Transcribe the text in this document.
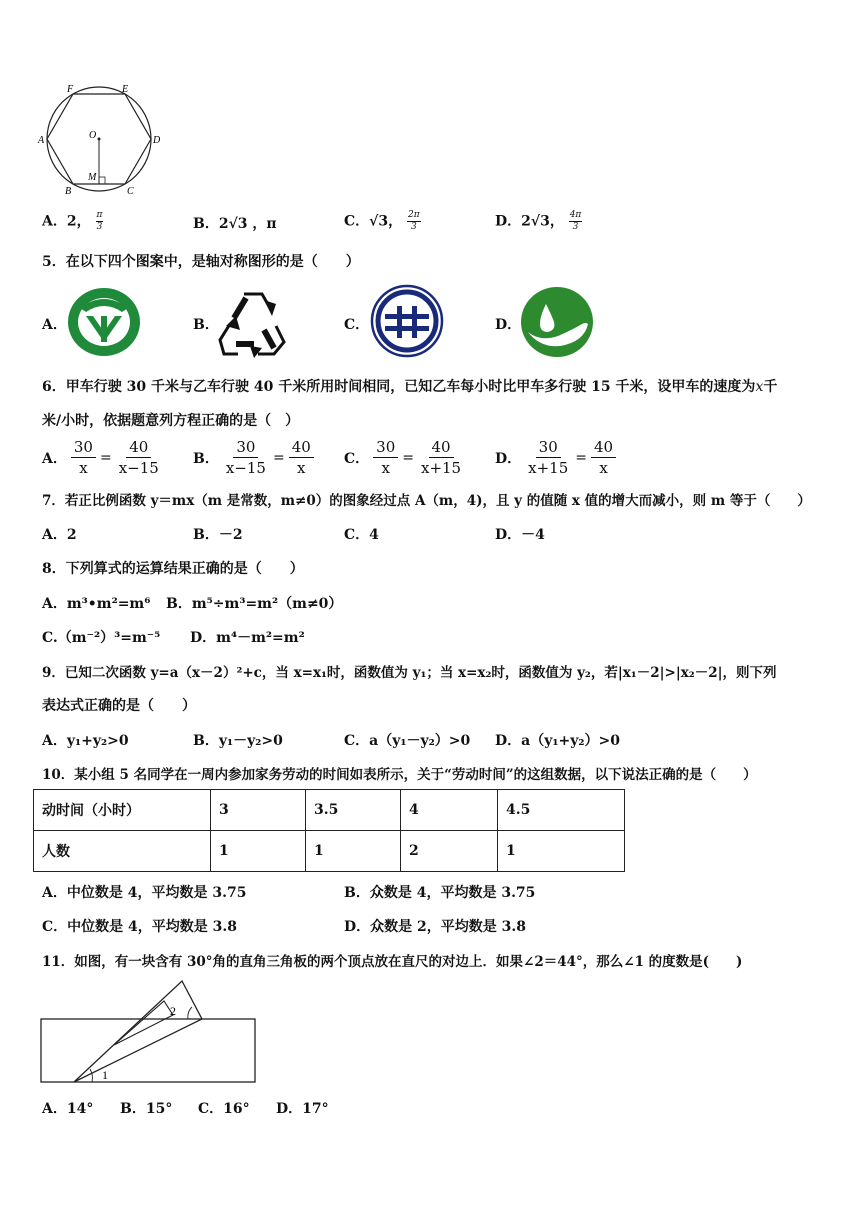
F	E
A	D
O
M
B	C
A．2， $\frac{\pi}{3}$	B．2√3 ，π	C．√3， $\frac{2\pi}{3}$	D．2√3， $\frac{4\pi}{3}$
5．在以下四个图案中，是轴对称图形的是（　　）
A．	B．	C．	D．
6．甲车行驶 30 千米与乙车行驶 40 千米所用时间相同，已知乙车每小时比甲车多行驶 15 千米，设甲车的速度为x千
米/小时，依据题意列方程正确的是（　）
A． $\frac{30}{x} = \frac{40}{x-15}$ B． $\frac{30}{x-15} = \frac{40}{x}$ C． $\frac{30}{x} = \frac{40}{x+15}$ D． $\frac{30}{x+15} = \frac{40}{x}$
7．若正比例函数 y＝mx（m 是常数，m≠0）的图象经过点 A（m，4)，且 y 的值随 x 值的增大而减小，则 m 等于（　　）
A．2	B．－2	C．4	D．－4
8．下列算式的运算结果正确的是（　　）
A．m³•m²=m⁶ B．m⁵÷m³=m²（m≠0）
C.（m⁻²）³=m⁻⁵ D．m⁴－m²=m²
9．已知二次函数 y=a（x－2）²+c，当 x=x₁时，函数值为 y₁；当 x=x₂时，函数值为 y₂，若|x₁－2|>|x₂－2|，则下列
表达式正确的是（　　）
A．y₁+y₂>0	B．y₁－y₂>0	C．a（y₁－y₂）>0 D．a（y₁+y₂）>0
10．某小组 5 名同学在一周内参加家务劳动的时间如表所示，关于“劳动时间”的这组数据，以下说法正确的是（　　）
动时间（小时）	3	3.5	4	4.5
人数	1	1	2	1
A．中位数是 4，平均数是 3.75	B．众数是 4，平均数是 3.75
C．中位数是 4，平均数是 3.8	D．众数是 2，平均数是 3.8
11．如图，有一块含有 30°角的直角三角板的两个顶点放在直尺的对边上．如果∠2＝44°，那么∠1 的度数是(　　)
1
2
A．14° B．15° C．16° D．17°
